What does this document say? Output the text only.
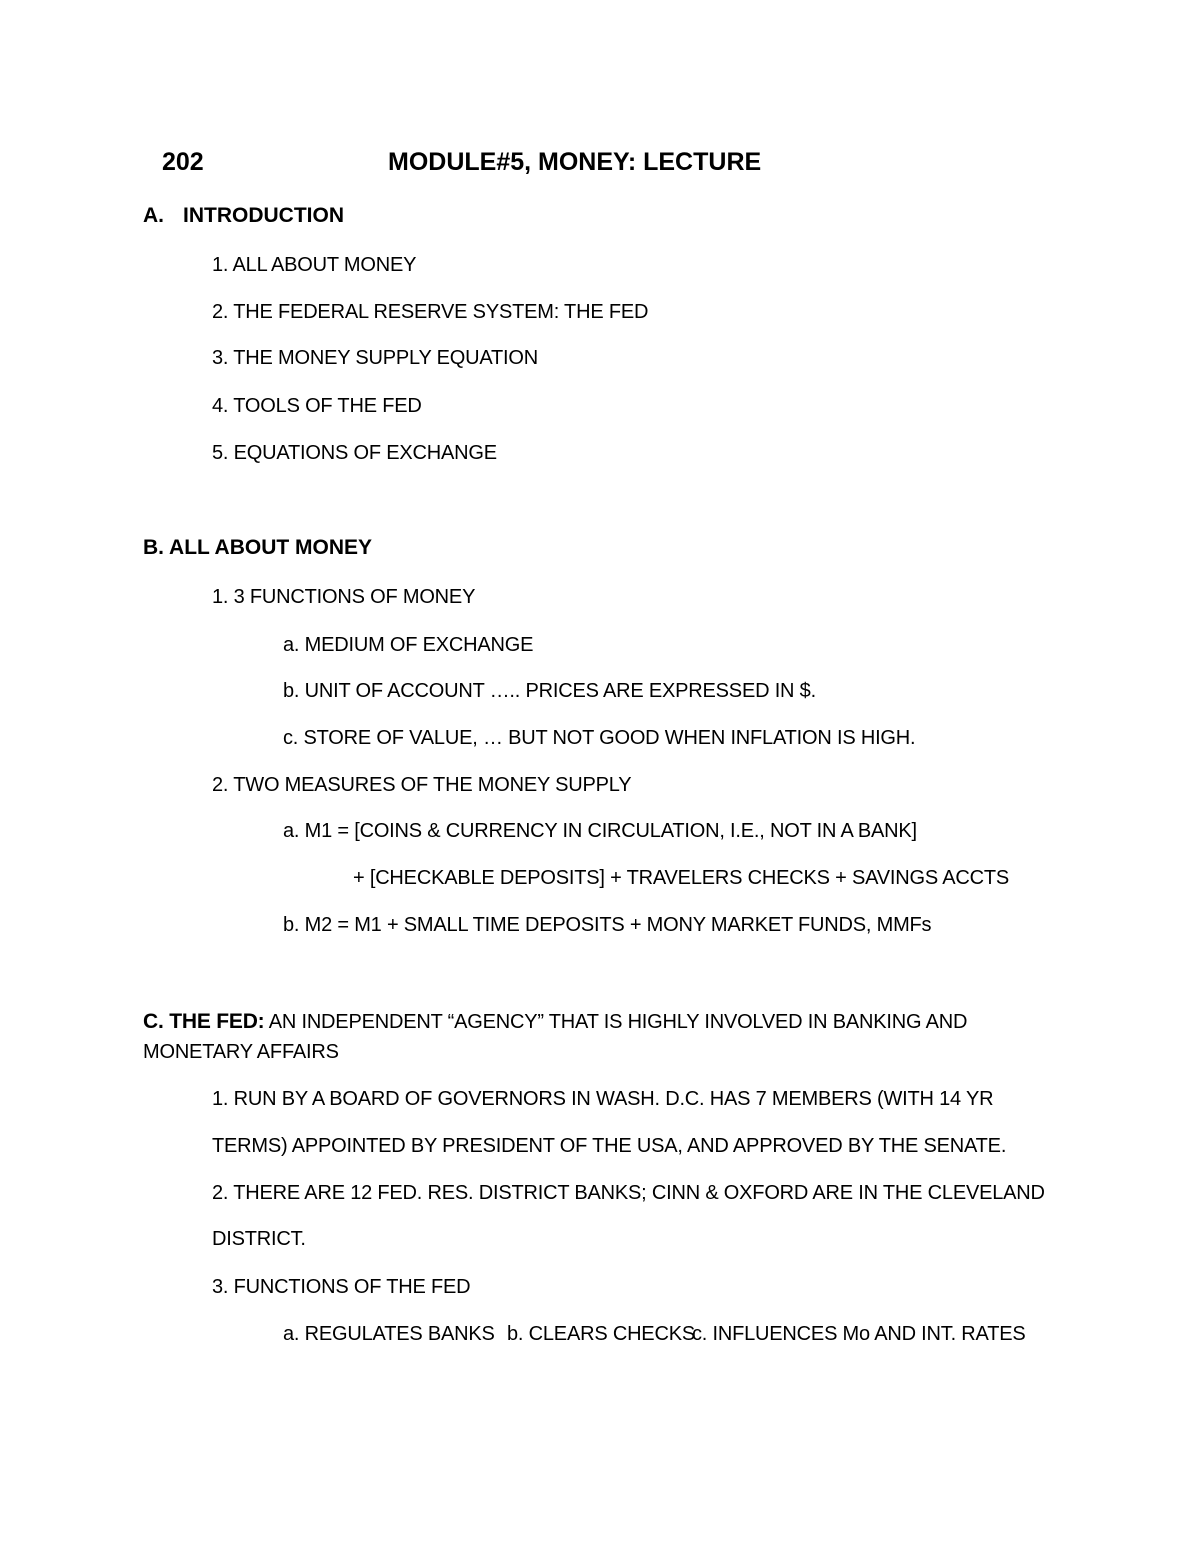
202	MODULE#5, MONEY: LECTURE
A. INTRODUCTION
1. ALL ABOUT MONEY
2. THE FEDERAL RESERVE SYSTEM: THE FED
3. THE MONEY SUPPLY EQUATION
4. TOOLS OF THE FED
5. EQUATIONS OF EXCHANGE
B. ALL ABOUT MONEY
1. 3 FUNCTIONS OF MONEY
a. MEDIUM OF EXCHANGE
b. UNIT OF ACCOUNT ….. PRICES ARE EXPRESSED IN $.
c. STORE OF VALUE, … BUT NOT GOOD WHEN INFLATION IS HIGH.
2. TWO MEASURES OF THE MONEY SUPPLY
a. M1 = [COINS & CURRENCY IN CIRCULATION, I.E., NOT IN A BANK]
+ [CHECKABLE DEPOSITS] + TRAVELERS CHECKS + SAVINGS ACCTS
b. M2 = M1 + SMALL TIME DEPOSITS + MONY MARKET FUNDS, MMFs
C. THE FED: AN INDEPENDENT “AGENCY” THAT IS HIGHLY INVOLVED IN BANKING AND
MONETARY AFFAIRS
1. RUN BY A BOARD OF GOVERNORS IN WASH. D.C. HAS 7 MEMBERS (WITH 14 YR
TERMS) APPOINTED BY PRESIDENT OF THE USA, AND APPROVED BY THE SENATE.
2. THERE ARE 12 FED. RES. DISTRICT BANKS; CINN & OXFORD ARE IN THE CLEVELAND
DISTRICT.
3. FUNCTIONS OF THE FED
a. REGULATES BANKS b. CLEARS CHECKS
c. INFLUENCES Mo AND INT. RATES
